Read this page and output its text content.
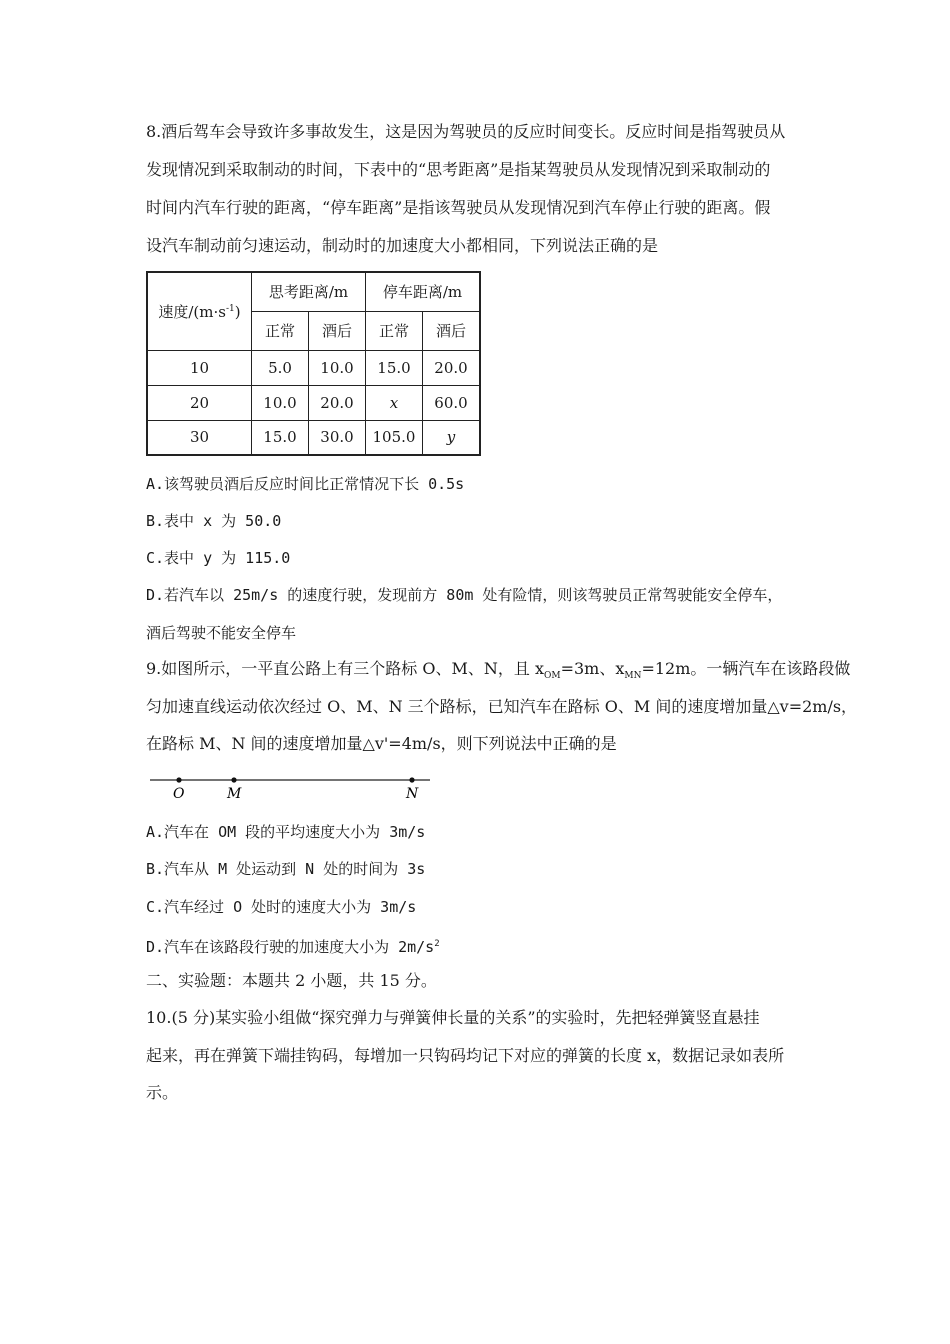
8.酒后驾车会导致许多事故发生，这是因为驾驶员的反应时间变长。反应时间是指驾驶员从
发现情况到采取制动的时间，下表中的“思考距离”是指某驾驶员从发现情况到采取制动的
时间内汽车行驶的距离，“停车距离”是指该驾驶员从发现情况到汽车停止行驶的距离。假
设汽车制动前匀速运动，制动时的加速度大小都相同，下列说法正确的是
速度$/(m\cdot s^{-1})$	思考距离/m		停车距离/m	
	正常	酒后	正常	酒后
10	5.0	10.0	15.0	20.0
20	10.0	20.0	x	60.0
30	15.0	30.0	105.0	y
A.该驾驶员酒后反应时间比正常情况下长 0.5s
B.表中 x 为 50.0
C.表中 y 为 115.0
D.若汽车以 25m/s 的速度行驶，发现前方 80m 处有险情，则该驾驶员正常驾驶能安全停车，
酒后驾驶不能安全停车
9.如图所示，一平直公路上有三个路标 O、M、N，且 $x_{OM}=3m$、$x_{MN}=12m$。一辆汽车在该路段做
匀加速直线运动依次经过 O、M、N 三个路标，已知汽车在路标 O、M 间的速度增加量△v=2m/s，
在路标 M、N 间的速度增加量△v'=4m/s，则下列说法中正确的是
O	M	N
A.汽车在 OM 段的平均速度大小为 3m/s
B.汽车从 M 处运动到 N 处的时间为 3s
C.汽车经过 O 处时的速度大小为 3m/s
D.汽车在该路段行驶的加速度大小为 $2m/s^2$
二、实验题：本题共 2 小题，共 15 分。
10.(5 分)某实验小组做“探究弹力与弹簧伸长量的关系”的实验时，先把轻弹簧竖直悬挂
起来，再在弹簧下端挂钩码，每增加一只钩码均记下对应的弹簧的长度 x，数据记录如表所
示。
